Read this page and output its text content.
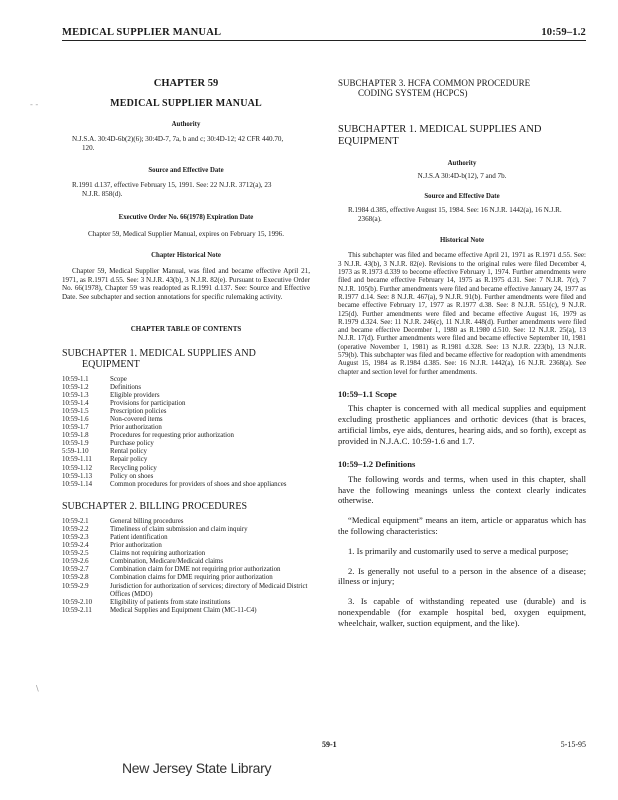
MEDICAL SUPPLIER MANUAL	10:59–1.2
- -
\
CHAPTER 59
MEDICAL SUPPLIER MANUAL
Authority

N.J.S.A. 30:4D-6b(2)(6); 30:4D-7, 7a, b and c; 30:4D-12; 42 CFR 440.70, 120.

Source and Effective Date

R.1991 d.137, effective February 15, 1991. See: 22 N.J.R. 3712(a), 23 N.J.R. 858(d).

Executive Order No. 66(1978) Expiration Date

Chapter 59, Medical Supplier Manual, expires on February 15, 1996.

Chapter Historical Note

Chapter 59, Medical Supplier Manual, was filed and became effective April 21, 1971, as R.1971 d.55. See: 3 N.J.R. 43(b), 3 N.J.R. 82(e). Pursuant to Executive Order No. 66(1978), Chapter 59 was readopted as R.1991 d.137. See: Source and Effective Date. See subchapter and section annotations for specific rulemaking activity.

CHAPTER TABLE OF CONTENTS
SUBCHAPTER 1. MEDICAL SUPPLIES AND
EQUIPMENT
10:59-1.1	Scope
10:59-1.2	Definitions
10:59-1.3	Eligible providers
10:59-1.4	Provisions for participation
10:59-1.5	Prescription policies
10:59-1.6	Non-covered items
10:59-1.7	Prior authorization
10:59-1.8	Procedures for requesting prior authorization
10:59-1.9	Purchase policy
5:59-1.10	Rental policy
10:59-1.11	Repair policy
10:59-1.12	Recycling policy
10:59-1.13	Policy on shoes
10:59-1.14	Common procedures for providers of shoes and shoe appliances
SUBCHAPTER 2. BILLING PROCEDURES
10:59-2.1	General billing procedures
10:59-2.2	Timeliness of claim submission and claim inquiry
10:59-2.3	Patient identification
10:59-2.4	Prior authorization
10:59-2.5	Claims not requiring authorization
10:59-2.6	Combination, Medicare/Medicaid claims
10:59-2.7	Combination claim for DME not requiring prior authorization
10:59-2.8	Combination claims for DME requiring prior authorization
10:59-2.9	Jurisdiction for authorization of services; directory of Medicaid District Offices (MDO)
10:59-2.10	Eligibility of patients from state institutions
10:59-2.11	Medical Supplies and Equipment Claim (MC-11-C4)
SUBCHAPTER 3. HCFA COMMON PROCEDURE
CODING SYSTEM (HCPCS)
SUBCHAPTER 1. MEDICAL SUPPLIES AND
EQUIPMENT
Authority

N.J.S.A 30:4D-b(12), 7 and 7b.

Source and Effective Date

R.1984 d.385, effective August 15, 1984. See: 16 N.J.R. 1442(a), 16 N.J.R. 2368(a).

Historical Note

This subchapter was filed and became effective April 21, 1971 as R.1971 d.55. See: 3 N.J.R. 43(b), 3 N.J.R. 82(e). Revisions to the original rules were filed December 4, 1973 as R.1973 d.339 to become effective February 1, 1974. Further amendments were filed and became effective February 14, 1975 as R.1975 d.31. See: 7 N.J.R. 7(c), 7 N.J.R. 105(b). Further amendments were filed and became effective January 24, 1977 as R.1977 d.14. See: 8 N.J.R. 467(a), 9 N.J.R. 91(b). Further amendments were filed and became effective February 17, 1977 as R.1977 d.38. See: 8 N.J.R. 551(c), 9 N.J.R. 125(d). Further amendments were filed and became effective August 16, 1979 as R.1979 d.324. See: 11 N.J.R. 246(c), 11 N.J.R. 448(d). Further amendments were filed and became effective December 1, 1980 as R.1980 d.510. See: 12 N.J.R. 25(a), 13 N.J.R. 17(d). Further amendments were filed and became effective September 10, 1981 (operative November 1, 1981) as R.1981 d.328. See: 13 N.J.R. 223(b), 13 N.J.R. 579(b). This subchapter was filed and became effective for readoption with amendments August 15, 1984 as R.1984 d.385. See: 16 N.J.R. 1442(a), 16 N.J.R. 2368(a). See chapter and section level for further amendments.

10:59–1.1 Scope

This chapter is concerned with all medical supplies and equipment excluding prosthetic appliances and orthotic devices (that is braces, artificial limbs, eye aids, dentures, hearing aids, and so forth), except as provided in N.J.A.C. 10:59-1.6 and 1.7.

10:59–1.2 Definitions

The following words and terms, when used in this chapter, shall have the following meanings unless the context clearly indicates otherwise.

“Medical equipment” means an item, article or apparatus which has the following characteristics:

1. Is primarily and customarily used to serve a medical purpose;

2. Is generally not useful to a person in the absence of a disease; illness or injury;

3. Is capable of withstanding repeated use (durable) and is nonexpendable (for example hospital bed, oxygen equipment, wheelchair, walker, suction equipment, and the like).

59-1	5-15-95
New Jersey State Library
